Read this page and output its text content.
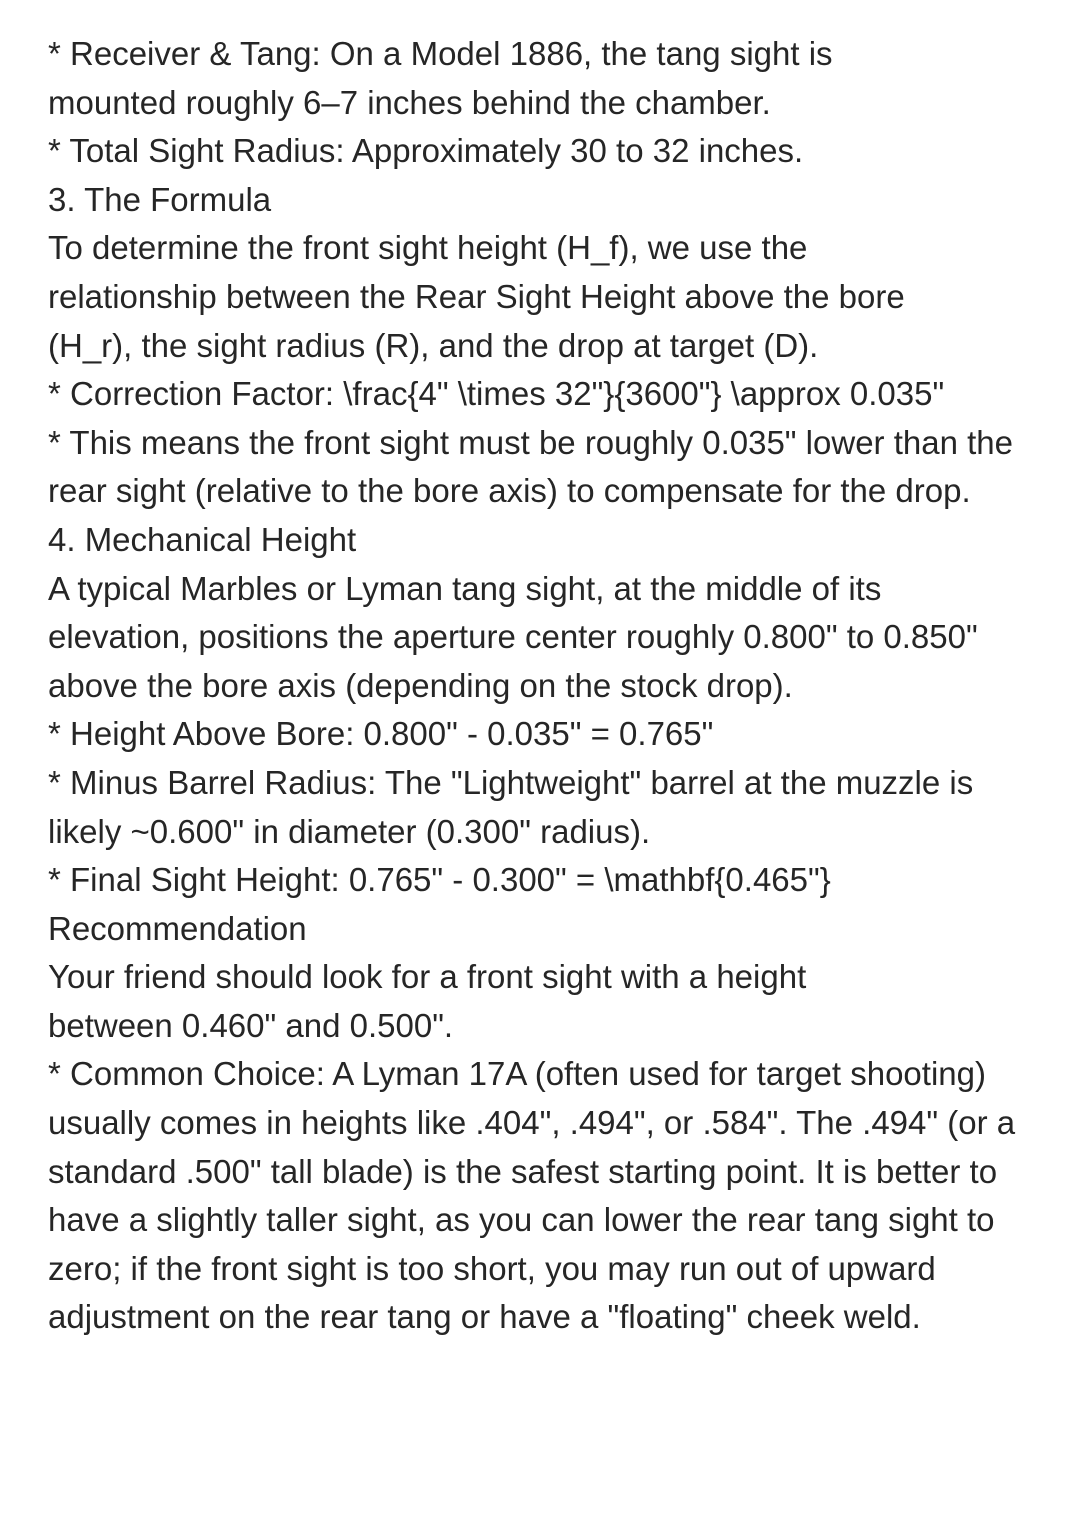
* Receiver & Tang: On a Model 1886, the tang sight is mounted roughly 6–7 inches behind the chamber.
* Total Sight Radius: Approximately 30 to 32 inches.
3. The Formula
To determine the front sight height (H_f), we use the relationship between the Rear Sight Height above the bore (H_r), the sight radius (R), and the drop at target (D).
* Correction Factor: \frac{4" \times 32"}{3600"} \approx 0.035"
* This means the front sight must be roughly 0.035" lower than the rear sight (relative to the bore axis) to compensate for the drop.
4. Mechanical Height
A typical Marbles or Lyman tang sight, at the middle of its elevation, positions the aperture center roughly 0.800" to 0.850" above the bore axis (depending on the stock drop).
* Height Above Bore: 0.800" - 0.035" = 0.765"
* Minus Barrel Radius: The "Lightweight" barrel at the muzzle is likely ~0.600" in diameter (0.300" radius).
* Final Sight Height: 0.765" - 0.300" = \mathbf{0.465"}
Recommendation
Your friend should look for a front sight with a height between 0.460" and 0.500".
* Common Choice: A Lyman 17A (often used for target shooting) usually comes in heights like .404", .494", or .584". The .494" (or a standard .500" tall blade) is the safest starting point. It is better to have a slightly taller sight, as you can lower the rear tang sight to zero; if the front sight is too short, you may run out of upward adjustment on the rear tang or have a "floating" cheek weld.
